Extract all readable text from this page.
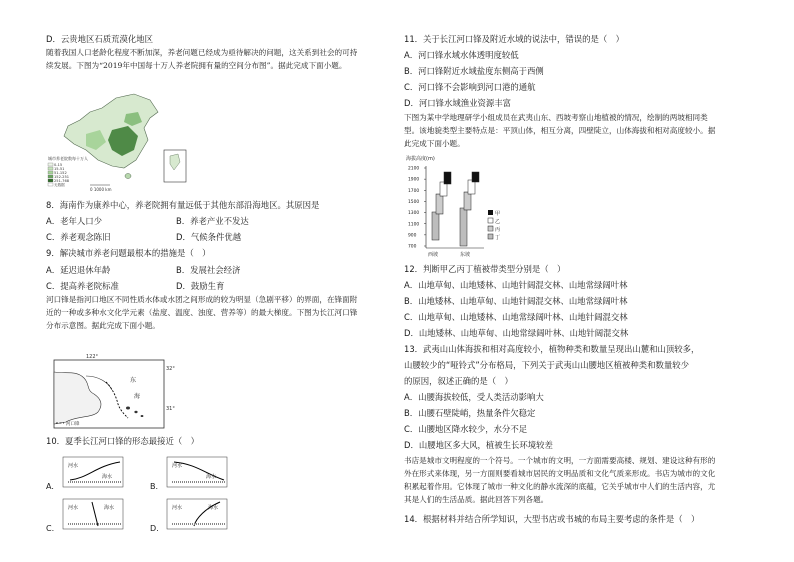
D．云贵地区石质荒漠化地区
随着我国人口老龄化程度不断加深，养老问题已经成为亟待解决的问题，这关系到社会的可持续发展。下图为“2019年中国每十万人养老院拥有量的空间分布图”。据此完成下面小题。
城市养老院数每十万人
0-15
15-51
51-152
152-251
251-768
无数据
0 1000 km
8．海南作为康养中心，养老院拥有量远低于其他东部沿海地区。其原因是
A．老年人口少	B．养老产业不发达
C．养老观念陈旧	D．气候条件优越
9．解决城市养老问题最根本的措施是（　）
A．延迟退休年龄	B．发展社会经济
C．提高养老院标准	D．鼓励生育
河口锋是指河口地区不同性质水体或水团之间形成的较为明显（急剧平移）的界面，在锋面附近的一种或多种水文化学元素（盐度、温度、浊度、营养等）的最大梯度。下图为长江河口锋分布示意图。据此完成下面小题。
122°
32°
31°
东
海
河口锋
10．夏季长江河口锋的形态最接近（　）
A.
河水
海水
B.
河水
海水
C.
河水	海水
D.
河水	海水
11．关于长江河口锋及附近水域的说法中，错误的是（　）
A．河口锋水域水体透明度较低
B．河口锋附近水域盐度东侧高于西侧
C．河口锋不会影响到河口港的通航
D．河口锋水域渔业资源丰富
下图为某中学地理研学小组成员在武夷山东、西坡考察山地植被的情况，绘制的两坡相同类型。该地貌类型主要特点是：平顶山体，相互分离，四壁陡立，山体海拔和相对高度较小。据此完成下面小题。
海拔高度(m)
2100
1900
1700
1500
1300
1100
900
700
西坡	东坡
甲
乙
丙
丁
12．判断甲乙丙丁植被带类型分别是（　）
A．山地草甸、山地矮林、山地针阔混交林、山地常绿阔叶林
B．山地矮林、山地草甸、山地针阔混交林、山地常绿阔叶林
C．山地草甸、山地矮林、山地常绿阔叶林、山地针阔混交林
D．山地矮林、山地草甸、山地常绿阔叶林、山地针阔混交林
13．武夷山山体海拔和相对高度较小，植物种类和数量呈现出山麓和山顶较多，
山腰较少的“哑铃式”分布格局，下列关于武夷山山腰地区植被种类和数量较少
的原因，叙述正确的是（　）
A．山腰海拔较低，受人类活动影响大
B．山腰石壁陡峭，热量条件欠稳定
C．山腰地区降水较少，水分不足
D．山腰地区多大风，植被生长环境较差
书店是城市文明程度的一个符号。一个城市的文明，一方面需要高楼、规划、建设这种有形的外在形式来体现，另一方面则要看城市居民的文明品质和文化气质来形成。书店为城市的文化积累起着作用。它体现了城市一种文化的静水流深的底蕴，它关乎城市中人们的生活内容，尤其是人们的生活品质。据此回答下列各题。
14．根据材料并结合所学知识，大型书店或书城的布局主要考虑的条件是（　）
